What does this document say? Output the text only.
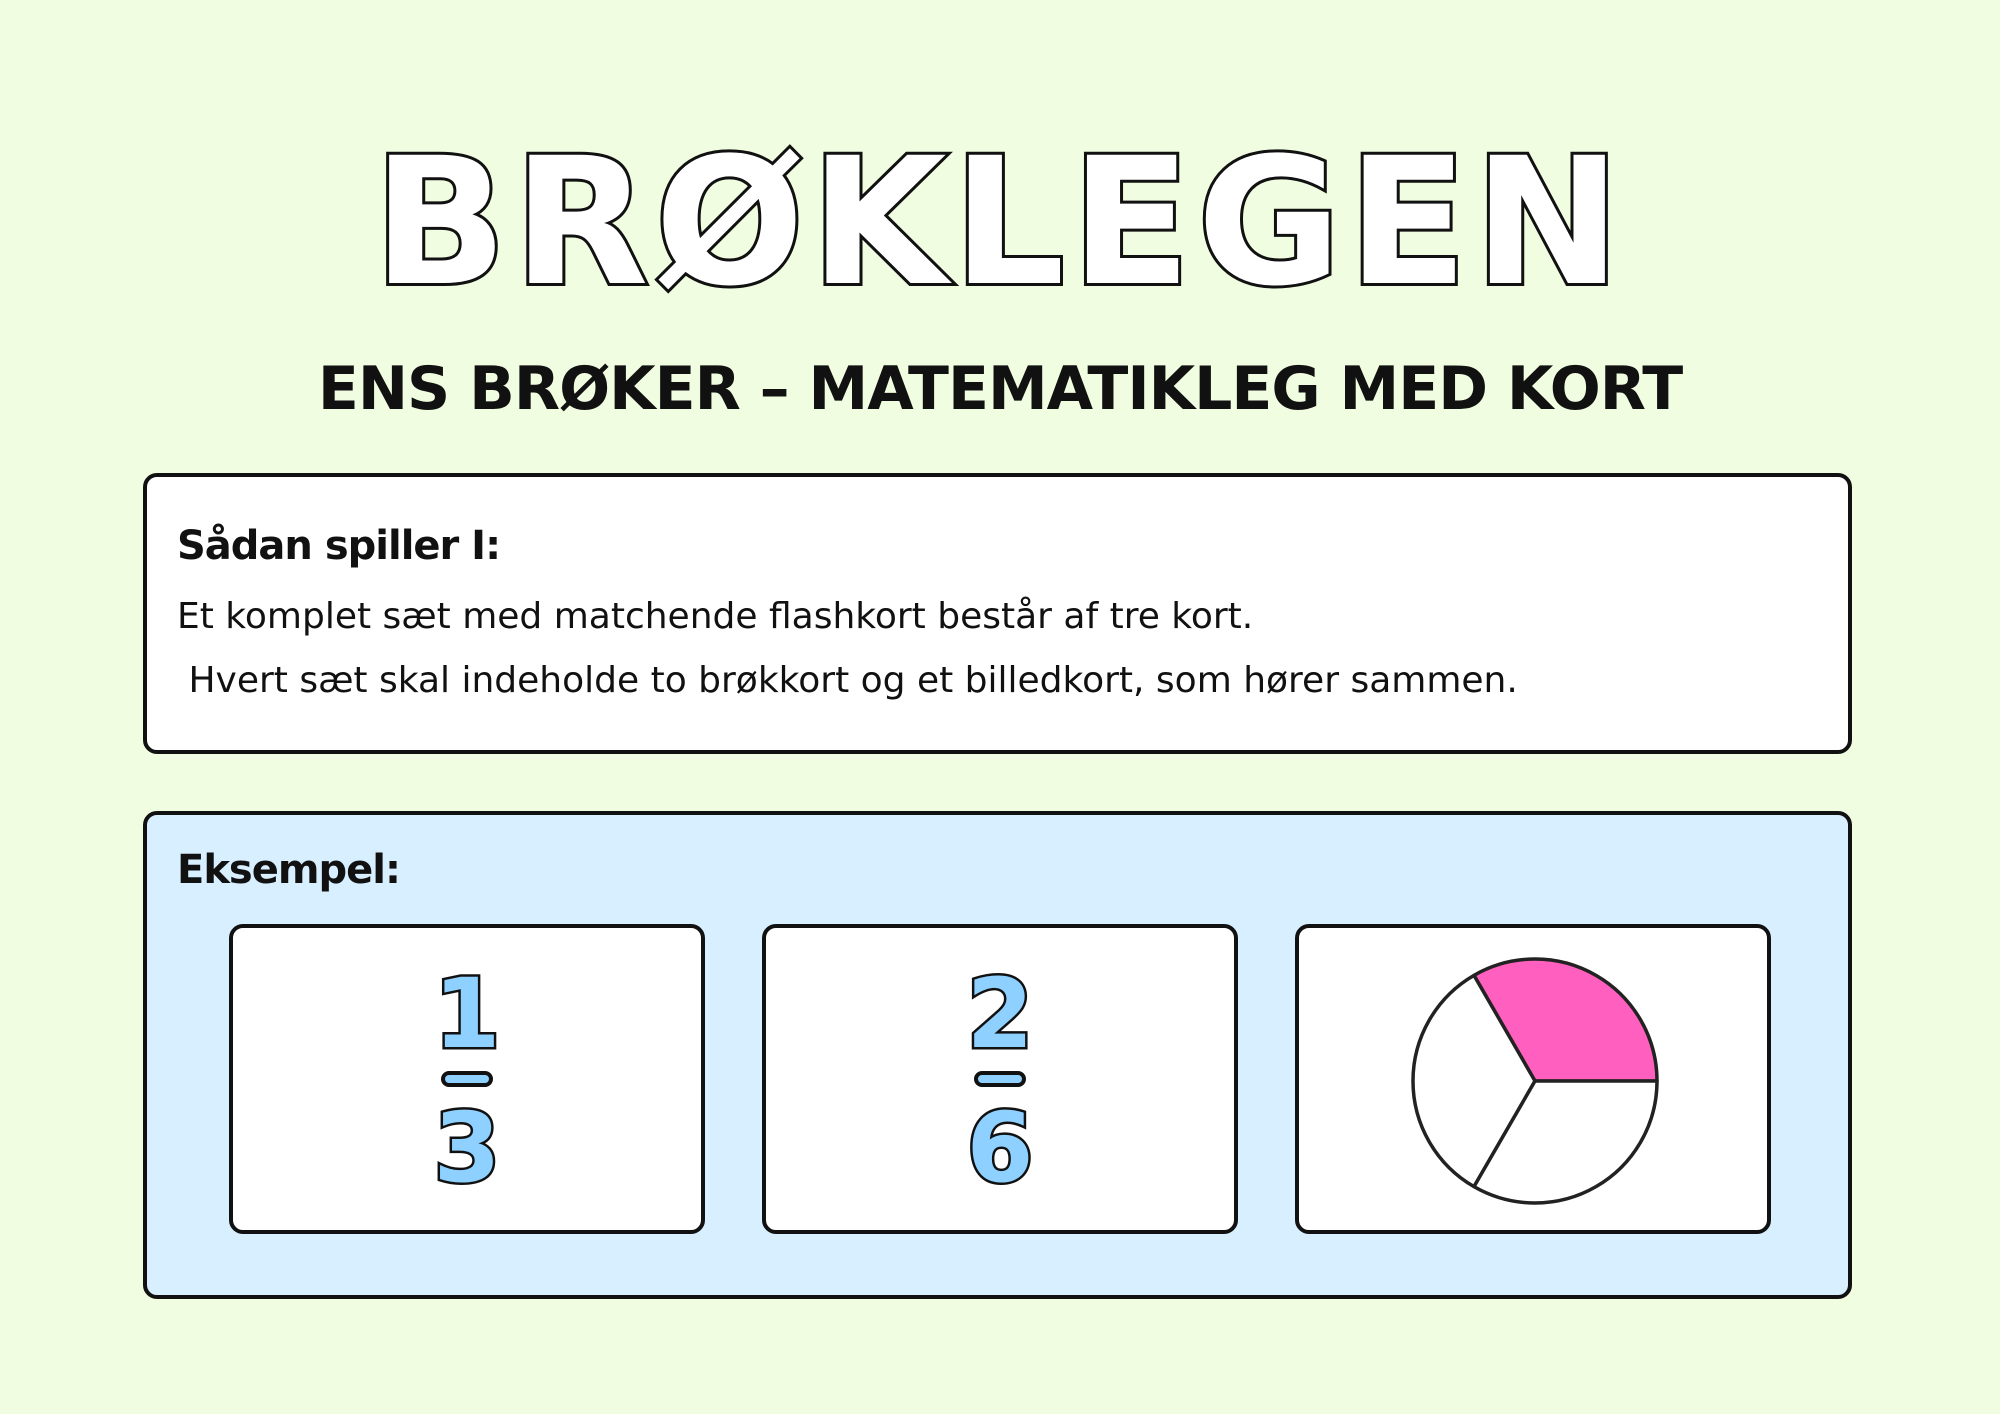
BRØKLEGEN
ENS BRØKER – MATEMATIKLEG MED KORT
Sådan spiller I:
Et komplet sæt med matchende flashkort består af tre kort.
Hvert sæt skal indeholde to brøkkort og et billedkort, som hører sammen.
Eksempel:
1
3
2
6
